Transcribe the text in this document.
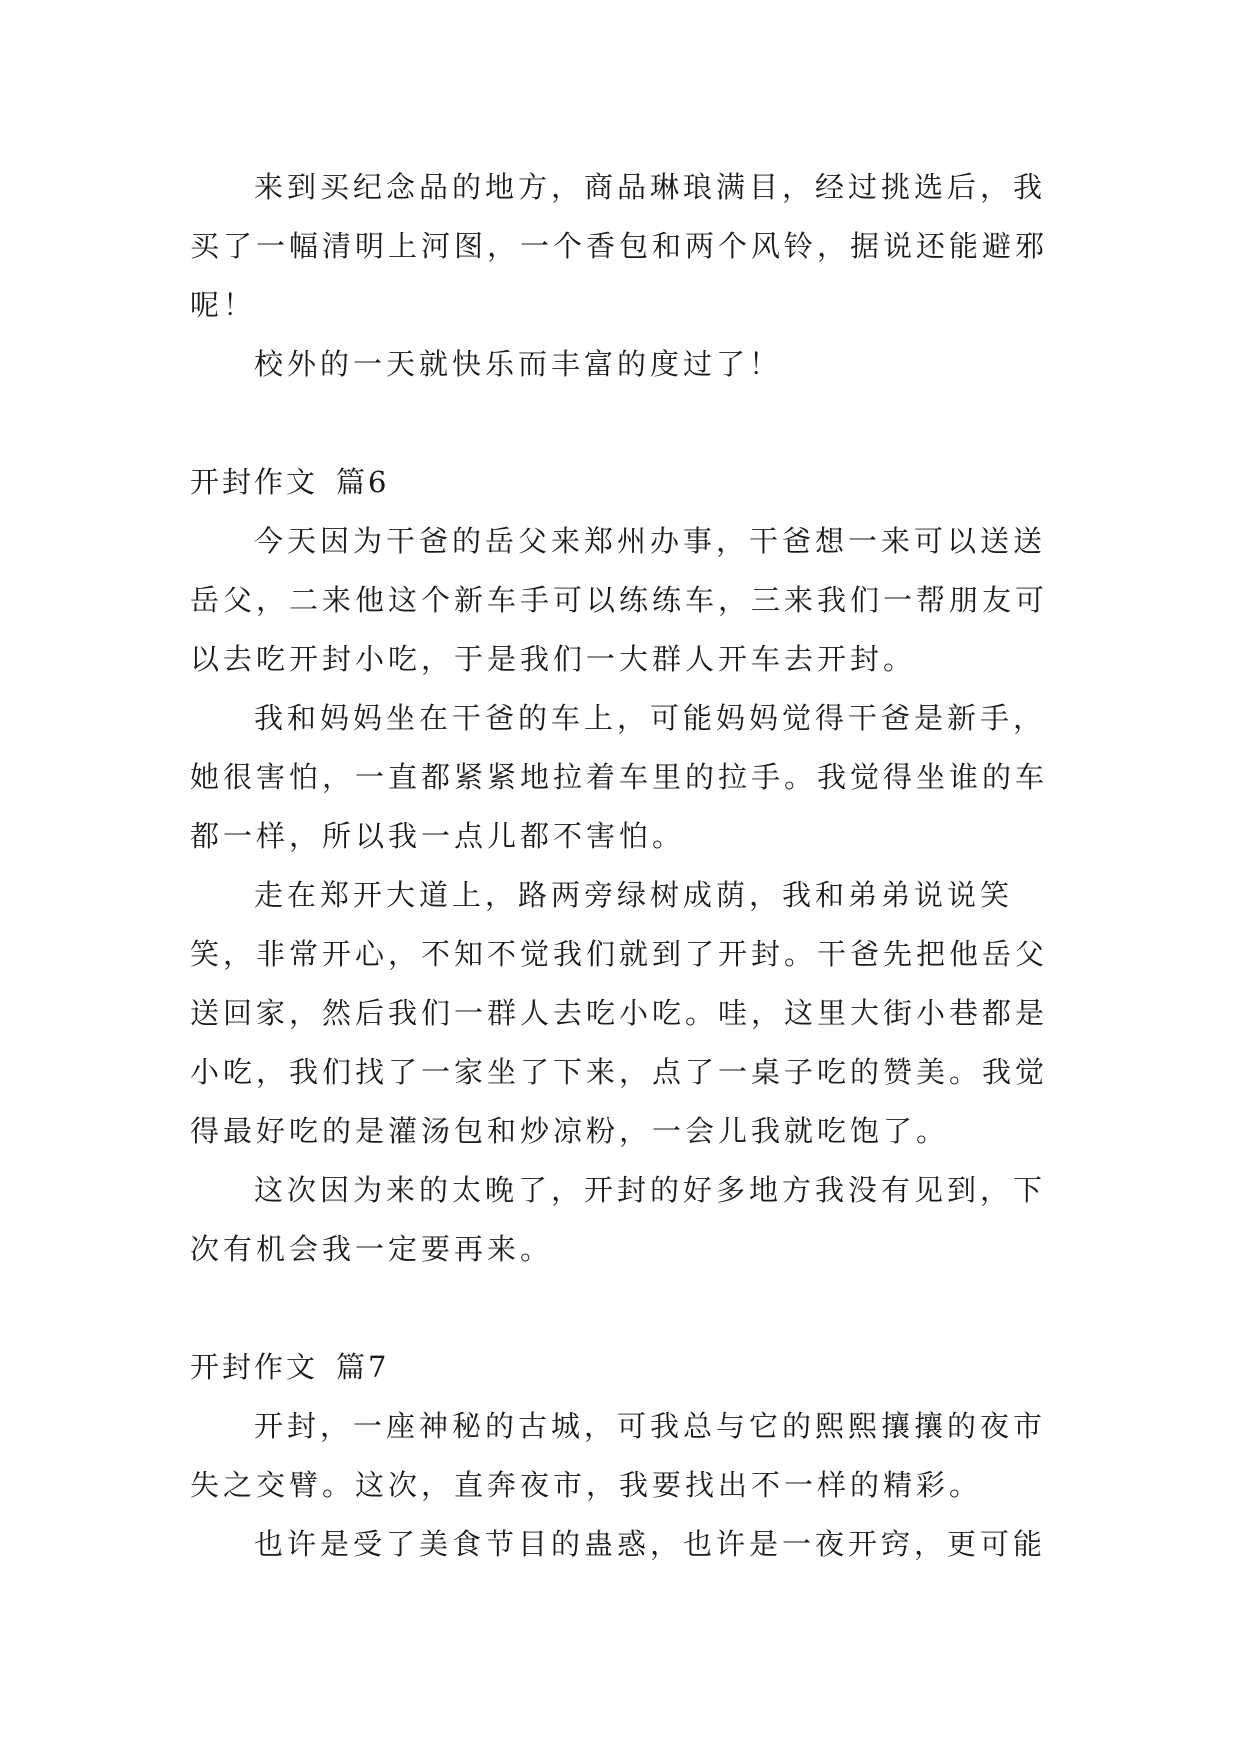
来到买纪念品的地方，商品琳琅满目，经过挑选后，我买了一幅清明上河图，一个香包和两个风铃，据说还能避邪呢！

校外的一天就快乐而丰富的度过了！

开封作文 篇6

今天因为干爸的岳父来郑州办事，干爸想一来可以送送岳父，二来他这个新车手可以练练车，三来我们一帮朋友可以去吃开封小吃，于是我们一大群人开车去开封。

我和妈妈坐在干爸的车上，可能妈妈觉得干爸是新手，她很害怕，一直都紧紧地拉着车里的拉手。我觉得坐谁的车都一样，所以我一点儿都不害怕。

走在郑开大道上，路两旁绿树成荫，我和弟弟说说笑笑，非常开心，不知不觉我们就到了开封。干爸先把他岳父送回家，然后我们一群人去吃小吃。哇，这里大街小巷都是小吃，我们找了一家坐了下来，点了一桌子吃的赞美。我觉得最好吃的是灌汤包和炒凉粉，一会儿我就吃饱了。

这次因为来的太晚了，开封的好多地方我没有见到，下次有机会我一定要再来。

开封作文 篇7

开封，一座神秘的古城，可我总与它的熙熙攘攘的夜市失之交臂。这次，直奔夜市，我要找出不一样的精彩。

也许是受了美食节目的蛊惑，也许是一夜开窍，更可能
